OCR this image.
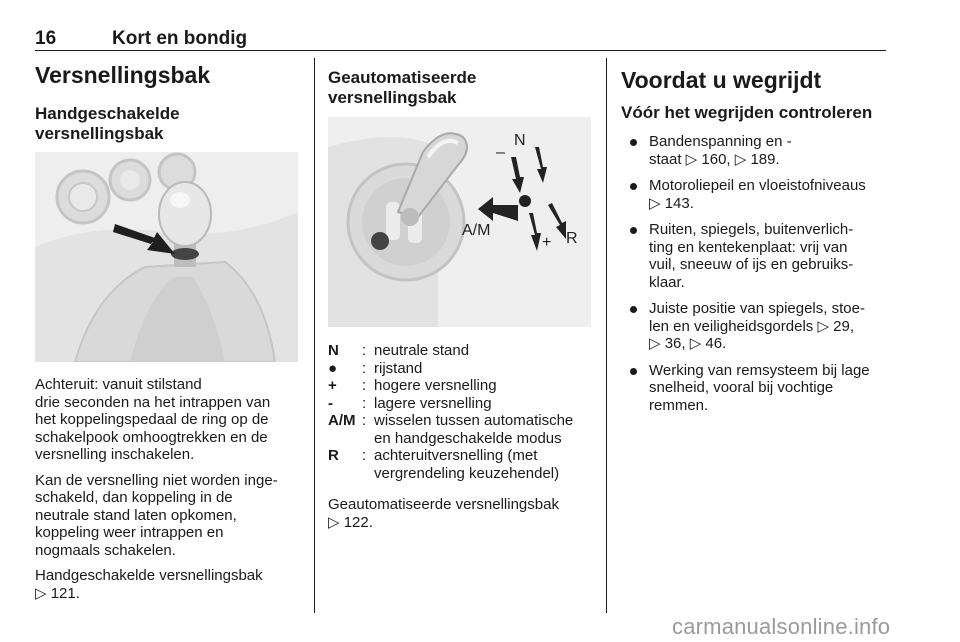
16	Kort en bondig
Versnellingsbak
Handgeschakelde
versnellingsbak

Achteruit: vanuit stilstand
drie seconden na het intrappen van
het koppelingspedaal de ring op de
schakelpook omhoogtrekken en de
versnelling inschakelen.

Kan de versnelling niet worden inge-
schakeld, dan koppeling in de
neutrale stand laten opkomen,
koppeling weer intrappen en
nogmaals schakelen.

Handgeschakelde versnellingsbak
▷ 121.

Geautomatiseerde
versnellingsbak
N
–
A/M
+ R
N	:	neutrale stand
●	:	rijstand
+	:	hogere versnelling
-	:	lagere versnelling
A/M	:	wisselen tussen automatische
en handgeschakelde modus
R	:	achteruitversnelling (met
vergrendeling keuzehendel)

Geautomatiseerde versnellingsbak
▷ 122.

Voordat u wegrijdt
Vóór het wegrijden controleren
Bandenspanning en -
staat ▷ 160, ▷ 189.
Motoroliepeil en vloeistofniveaus
▷ 143.
Ruiten, spiegels, buitenverlich-
ting en kentekenplaat: vrij van
vuil, sneeuw of ijs en gebruiks-
klaar.
Juiste positie van spiegels, stoe-
len en veiligheidsgordels ▷ 29,
▷ 36, ▷ 46.
Werking van remsysteem bij lage
snelheid, vooral bij vochtige
remmen.
carmanualsonline.info
